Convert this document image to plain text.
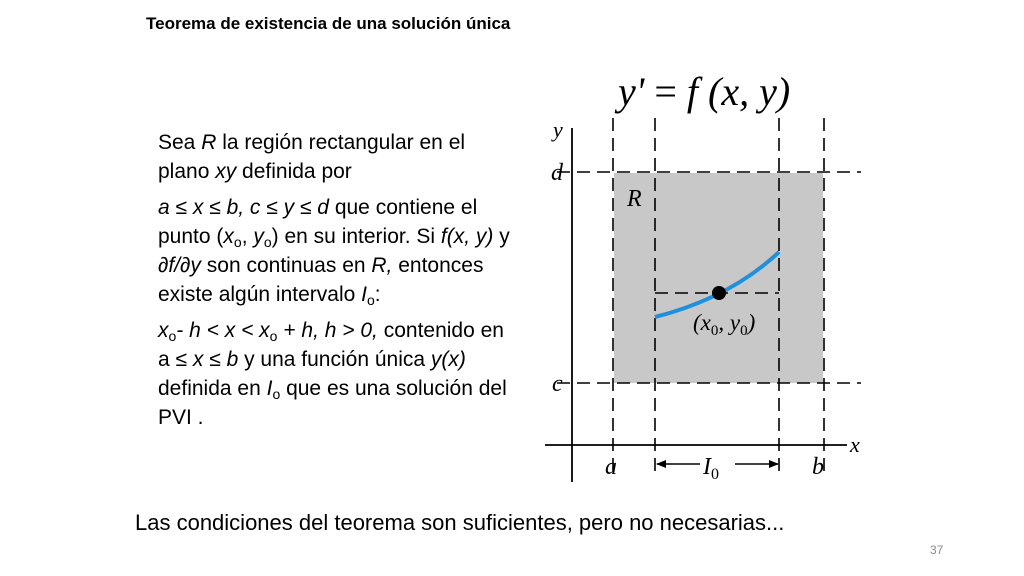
Teorema de existencia de una solución única
y' = f (x, y)

Sea R la región rectangular en el plano xy definida por

a ≤ x ≤ b, c ≤ y ≤ d que contiene el punto ($x_o$, $y_o$) en su interior. Si f(x, y) y ∂f/∂y son continuas en R, entonces existe algún intervalo $I_o$:

$x_o-$ $h < x < x_o + h$, h > 0, contenido en a ≤ x ≤ b y una función única y(x) definida en $I_o$ que es una solución del PVI .

y
x
d
c
a	b
R
$I_0$
($x_0$, $y_0$)
Las condiciones del teorema son suficientes, pero no necesarias...
37
